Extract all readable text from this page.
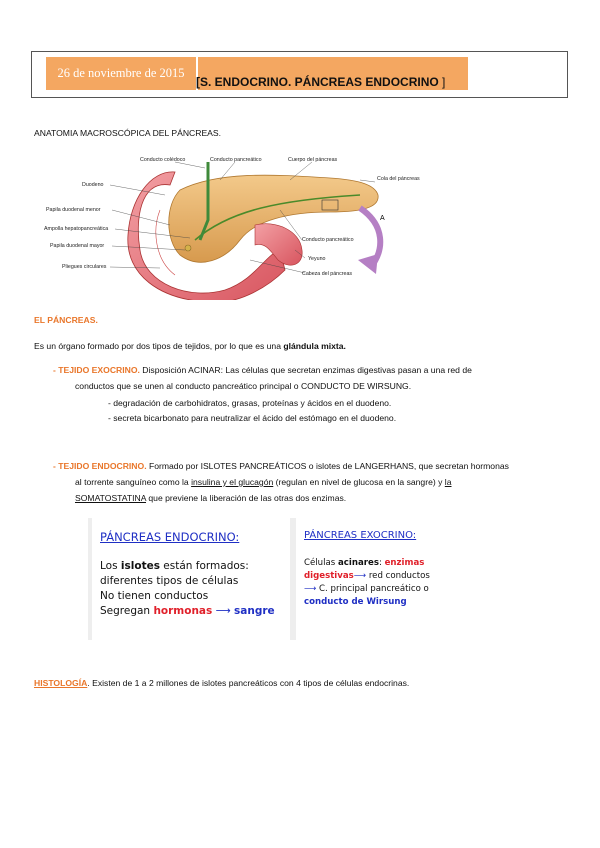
26 de noviembre de 2015
[S. ENDOCRINO. PÁNCREAS ENDOCRINO ]
ANATOMIA MACROSCÓPICA DEL PÁNCREAS.
Conducto colédoco	Conducto pancreático	Cuerpo del páncreas
Cola del páncreas
Duodeno
Papila duodenal menor
Ampolla hepatopancreática
Papila duodenal mayor
Pliegues circulares
Conducto pancreático
Yeyuno
Cabeza del páncreas
A
EL PÁNCREAS.
Es un órgano formado por dos tipos de tejidos, por lo que es una glándula mixta.
- TEJIDO EXOCRINO. Disposición ACINAR: Las células que secretan enzimas digestivas pasan a una red de
conductos que se unen al conducto pancreático principal o CONDUCTO DE WIRSUNG.
- degradación de carbohidratos, grasas, proteínas y ácidos en el duodeno.
- secreta bicarbonato para neutralizar el ácido del estómago en el duodeno.
- TEJIDO ENDOCRINO. Formado por ISLOTES PANCREÁTICOS o islotes de LANGERHANS, que secretan hormonas
al torrente sanguíneo como la insulina y el glucagón (regulan en nivel de glucosa en la sangre) y la
SOMATOSTATINA que previene la liberación de las otras dos enzimas.
PÁNCREAS ENDOCRINO:
Los islotes están formados:
diferentes tipos de células
No tienen conductos
Segregan hormonas ⟶ sangre
PÁNCREAS EXOCRINO:
Células acinares: enzimas
digestivas⟶ red conductos
⟶ C. principal pancreático o
conducto de Wirsung
HISTOLOGÍA. Existen de 1 a 2 millones de islotes pancreáticos con 4 tipos de células endocrinas.
